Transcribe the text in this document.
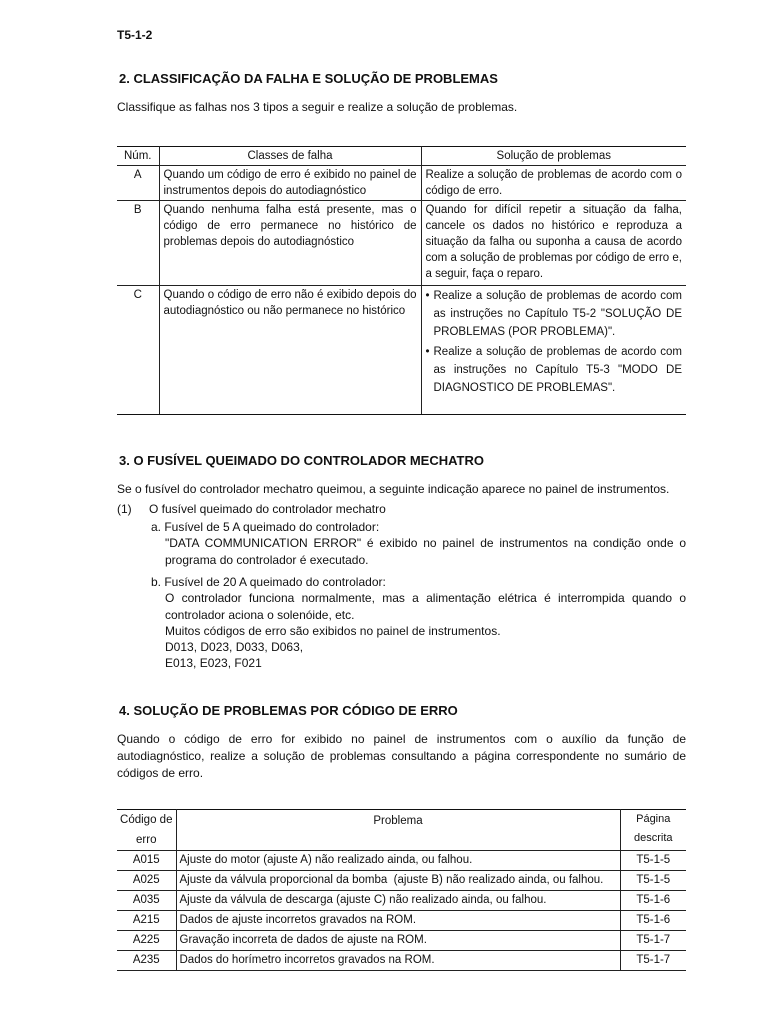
T5-1-2
2. CLASSIFICAÇÃO DA FALHA E SOLUÇÃO DE PROBLEMAS
Classifique as falhas nos 3 tipos a seguir e realize a solução de problemas.
Núm.	Classes de falha	Solução de problemas
A	Quando um código de erro é exibido no painel de instrumentos depois do autodiagnóstico	Realize a solução de problemas de acordo com o código de erro.
B	Quando nenhuma falha está presente, mas o código de erro permanece no histórico de problemas depois do autodiagnóstico	Quando for difícil repetir a situação da falha, cancele os dados no histórico e reproduza a situação da falha ou suponha a causa de acordo com a solução de problemas por código de erro e, a seguir, faça o reparo.
C	Quando o código de erro não é exibido depois do autodiagnóstico ou não permanece no histórico	• Realize a solução de problemas de acordo com as instruções no Capítulo T5-2 "SOLUÇÃO DE PROBLEMAS (POR PROBLEMA)".
• Realize a solução de problemas de acordo com as instruções no Capítulo T5-3 "MODO DE DIAGNOSTICO DE PROBLEMAS".
3. O FUSÍVEL QUEIMADO DO CONTROLADOR MECHATRO
Se o fusível do controlador mechatro queimou, a seguinte indicação aparece no painel de instrumentos.
(1) O fusível queimado do controlador mechatro
a. Fusível de 5 A queimado do controlador:
"DATA COMMUNICATION ERROR" é exibido no painel de instrumentos na condição onde o programa do controlador é executado.
b. Fusível de 20 A queimado do controlador:
O controlador funciona normalmente, mas a alimentação elétrica é interrompida quando o controlador aciona o solenóide, etc.
Muitos códigos de erro são exibidos no painel de instrumentos.
D013, D023, D033, D063,
E013, E023, F021
4. SOLUÇÃO DE PROBLEMAS POR CÓDIGO DE ERRO
Quando o código de erro for exibido no painel de instrumentos com o auxílio da função de autodiagnóstico, realize a solução de problemas consultando a página correspondente no sumário de códigos de erro.
Código de erro	Problema	Página descrita
A015	Ajuste do motor (ajuste A) não realizado ainda, ou falhou.	T5-1-5
A025	Ajuste da válvula proporcional da bomba  (ajuste B) não realizado ainda, ou falhou.	T5-1-5
A035	Ajuste da válvula de descarga (ajuste C) não realizado ainda, ou falhou.	T5-1-6
A215	Dados de ajuste incorretos gravados na ROM.	T5-1-6
A225	Gravação incorreta de dados de ajuste na ROM.	T5-1-7
A235	Dados do horímetro incorretos gravados na ROM.	T5-1-7
